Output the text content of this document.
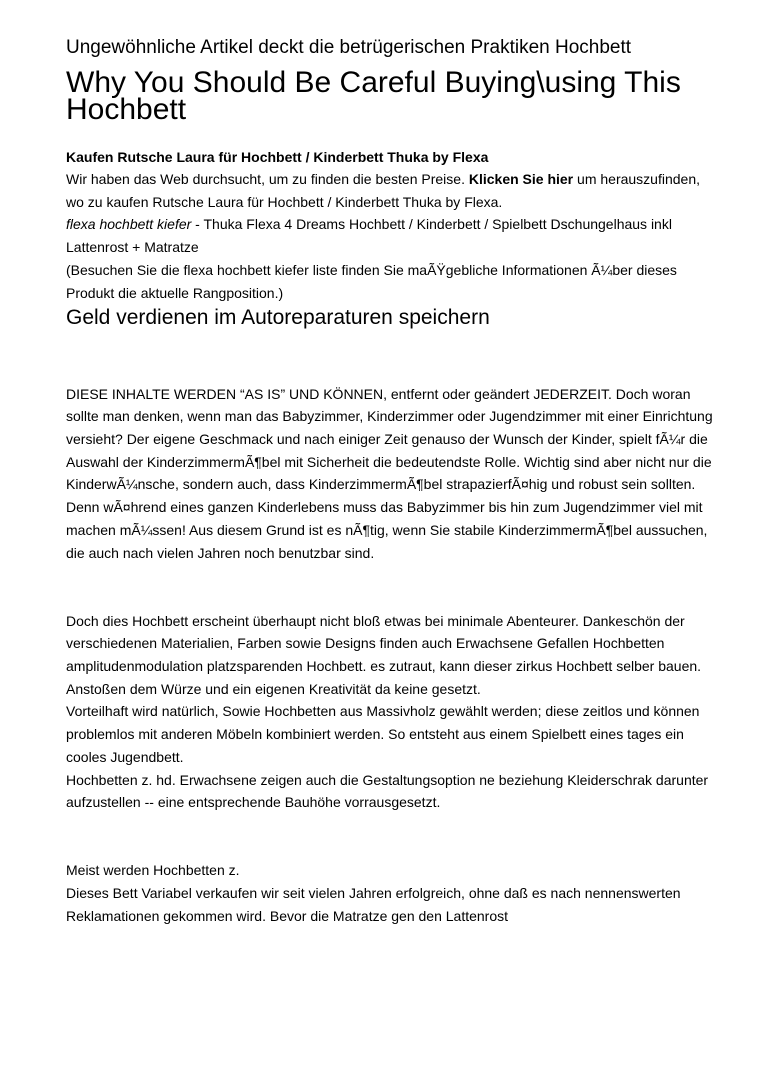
Ungewöhnliche Artikel deckt die betrügerischen Praktiken Hochbett
Why You Should Be Careful Buying\using This Hochbett
Kaufen Rutsche Laura für Hochbett / Kinderbett Thuka by Flexa
Wir haben das Web durchsucht, um zu finden die besten Preise. Klicken Sie hier um herauszufinden, wo zu kaufen Rutsche Laura für Hochbett / Kinderbett Thuka by Flexa.
flexa hochbett kiefer - Thuka Flexa 4 Dreams Hochbett / Kinderbett / Spielbett Dschungelhaus inkl Lattenrost + Matratze
(Besuchen Sie die flexa hochbett kiefer liste finden Sie maÃŸgebliche Informationen Ã¼ber dieses Produkt die aktuelle Rangposition.)
Geld verdienen im Autoreparaturen speichern
DIESE INHALTE WERDEN “AS IS” UND KÖNNEN, entfernt oder geändert JEDERZEIT. Doch woran sollte man denken, wenn man das Babyzimmer, Kinderzimmer oder Jugendzimmer mit einer Einrichtung versieht? Der eigene Geschmack und nach einiger Zeit genauso der Wunsch der Kinder, spielt fÃ¼r die Auswahl der KinderzimmermÃ¶bel mit Sicherheit die bedeutendste Rolle. Wichtig sind aber nicht nur die KinderwÃ¼nsche, sondern auch, dass KinderzimmermÃ¶bel strapazierfÃ¤hig und robust sein sollten. Denn wÃ¤hrend eines ganzen Kinderlebens muss das Babyzimmer bis hin zum Jugendzimmer viel mit machen mÃ¼ssen! Aus diesem Grund ist es nÃ¶tig, wenn Sie stabile KinderzimmermÃ¶bel aussuchen, die auch nach vielen Jahren noch benutzbar sind.
Doch dies Hochbett erscheint überhaupt nicht bloß etwas bei minimale Abenteurer. Dankeschön der verschiedenen Materialien, Farben sowie Designs finden auch Erwachsene Gefallen Hochbetten amplitudenmodulation platzsparenden Hochbett. es zutraut, kann dieser zirkus Hochbett selber bauen. Anstoßen dem Würze und ein eigenen Kreativität da keine gesetzt.
Vorteilhaft wird natürlich, Sowie Hochbetten aus Massivholz gewählt werden; diese zeitlos und können problemlos mit anderen Möbeln kombiniert werden. So entsteht aus einem Spielbett eines tages ein cooles Jugendbett.
Hochbetten z. hd. Erwachsene zeigen auch die Gestaltungsoption ne beziehung Kleiderschrak darunter aufzustellen -- eine entsprechende Bauhöhe vorrausgesetzt.
Meist werden Hochbetten z.
Dieses Bett Variabel verkaufen wir seit vielen Jahren erfolgreich, ohne daß es nach nennenswerten Reklamationen gekommen wird. Bevor die Matratze gen den Lattenrost
